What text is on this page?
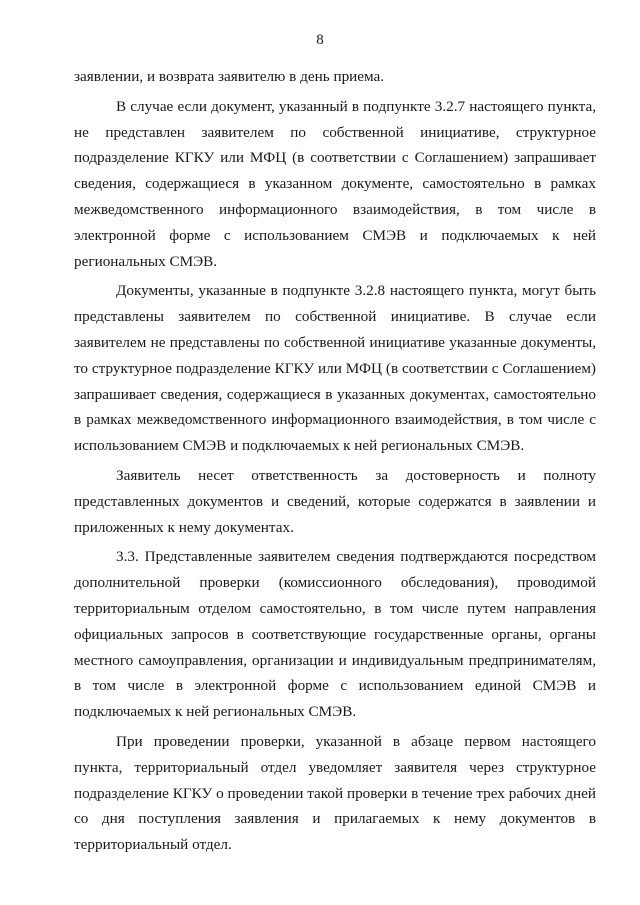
8

заявлении, и возврата заявителю в день приема.

В случае если документ, указанный в подпункте 3.2.7 настоящего пункта, не представлен заявителем по собственной инициативе, структурное подразделение КГКУ или МФЦ (в соответствии с Соглашением) запрашивает сведения, содержащиеся в указанном документе, самостоятельно в рамках межведомственного информационного взаимодействия, в том числе в электронной форме с использованием СМЭВ и подключаемых к ней региональных СМЭВ.

Документы, указанные в подпункте 3.2.8 настоящего пункта, могут быть представлены заявителем по собственной инициативе. В случае если заявителем не представлены по собственной инициативе указанные документы, то структурное подразделение КГКУ или МФЦ (в соответствии с Соглашением) запрашивает сведения, содержащиеся в указанных документах, самостоятельно в рамках межведомственного информационного взаимодействия, в том числе с использованием СМЭВ и подключаемых к ней региональных СМЭВ.

Заявитель несет ответственность за достоверность и полноту представленных документов и сведений, которые содержатся в заявлении и приложенных к нему документах.

3.3. Представленные заявителем сведения подтверждаются посредством дополнительной проверки (комиссионного обследования), проводимой территориальным отделом самостоятельно, в том числе путем направления официальных запросов в соответствующие государственные органы, органы местного самоуправления, организации и индивидуальным предпринимателям, в том числе в электронной форме с использованием единой СМЭВ и подключаемых к ней региональных СМЭВ.

При проведении проверки, указанной в абзаце первом настоящего пункта, территориальный отдел уведомляет заявителя через структурное подразделение КГКУ о проведении такой проверки в течение трех рабочих дней со дня поступления заявления и прилагаемых к нему документов в территориальный отдел.
